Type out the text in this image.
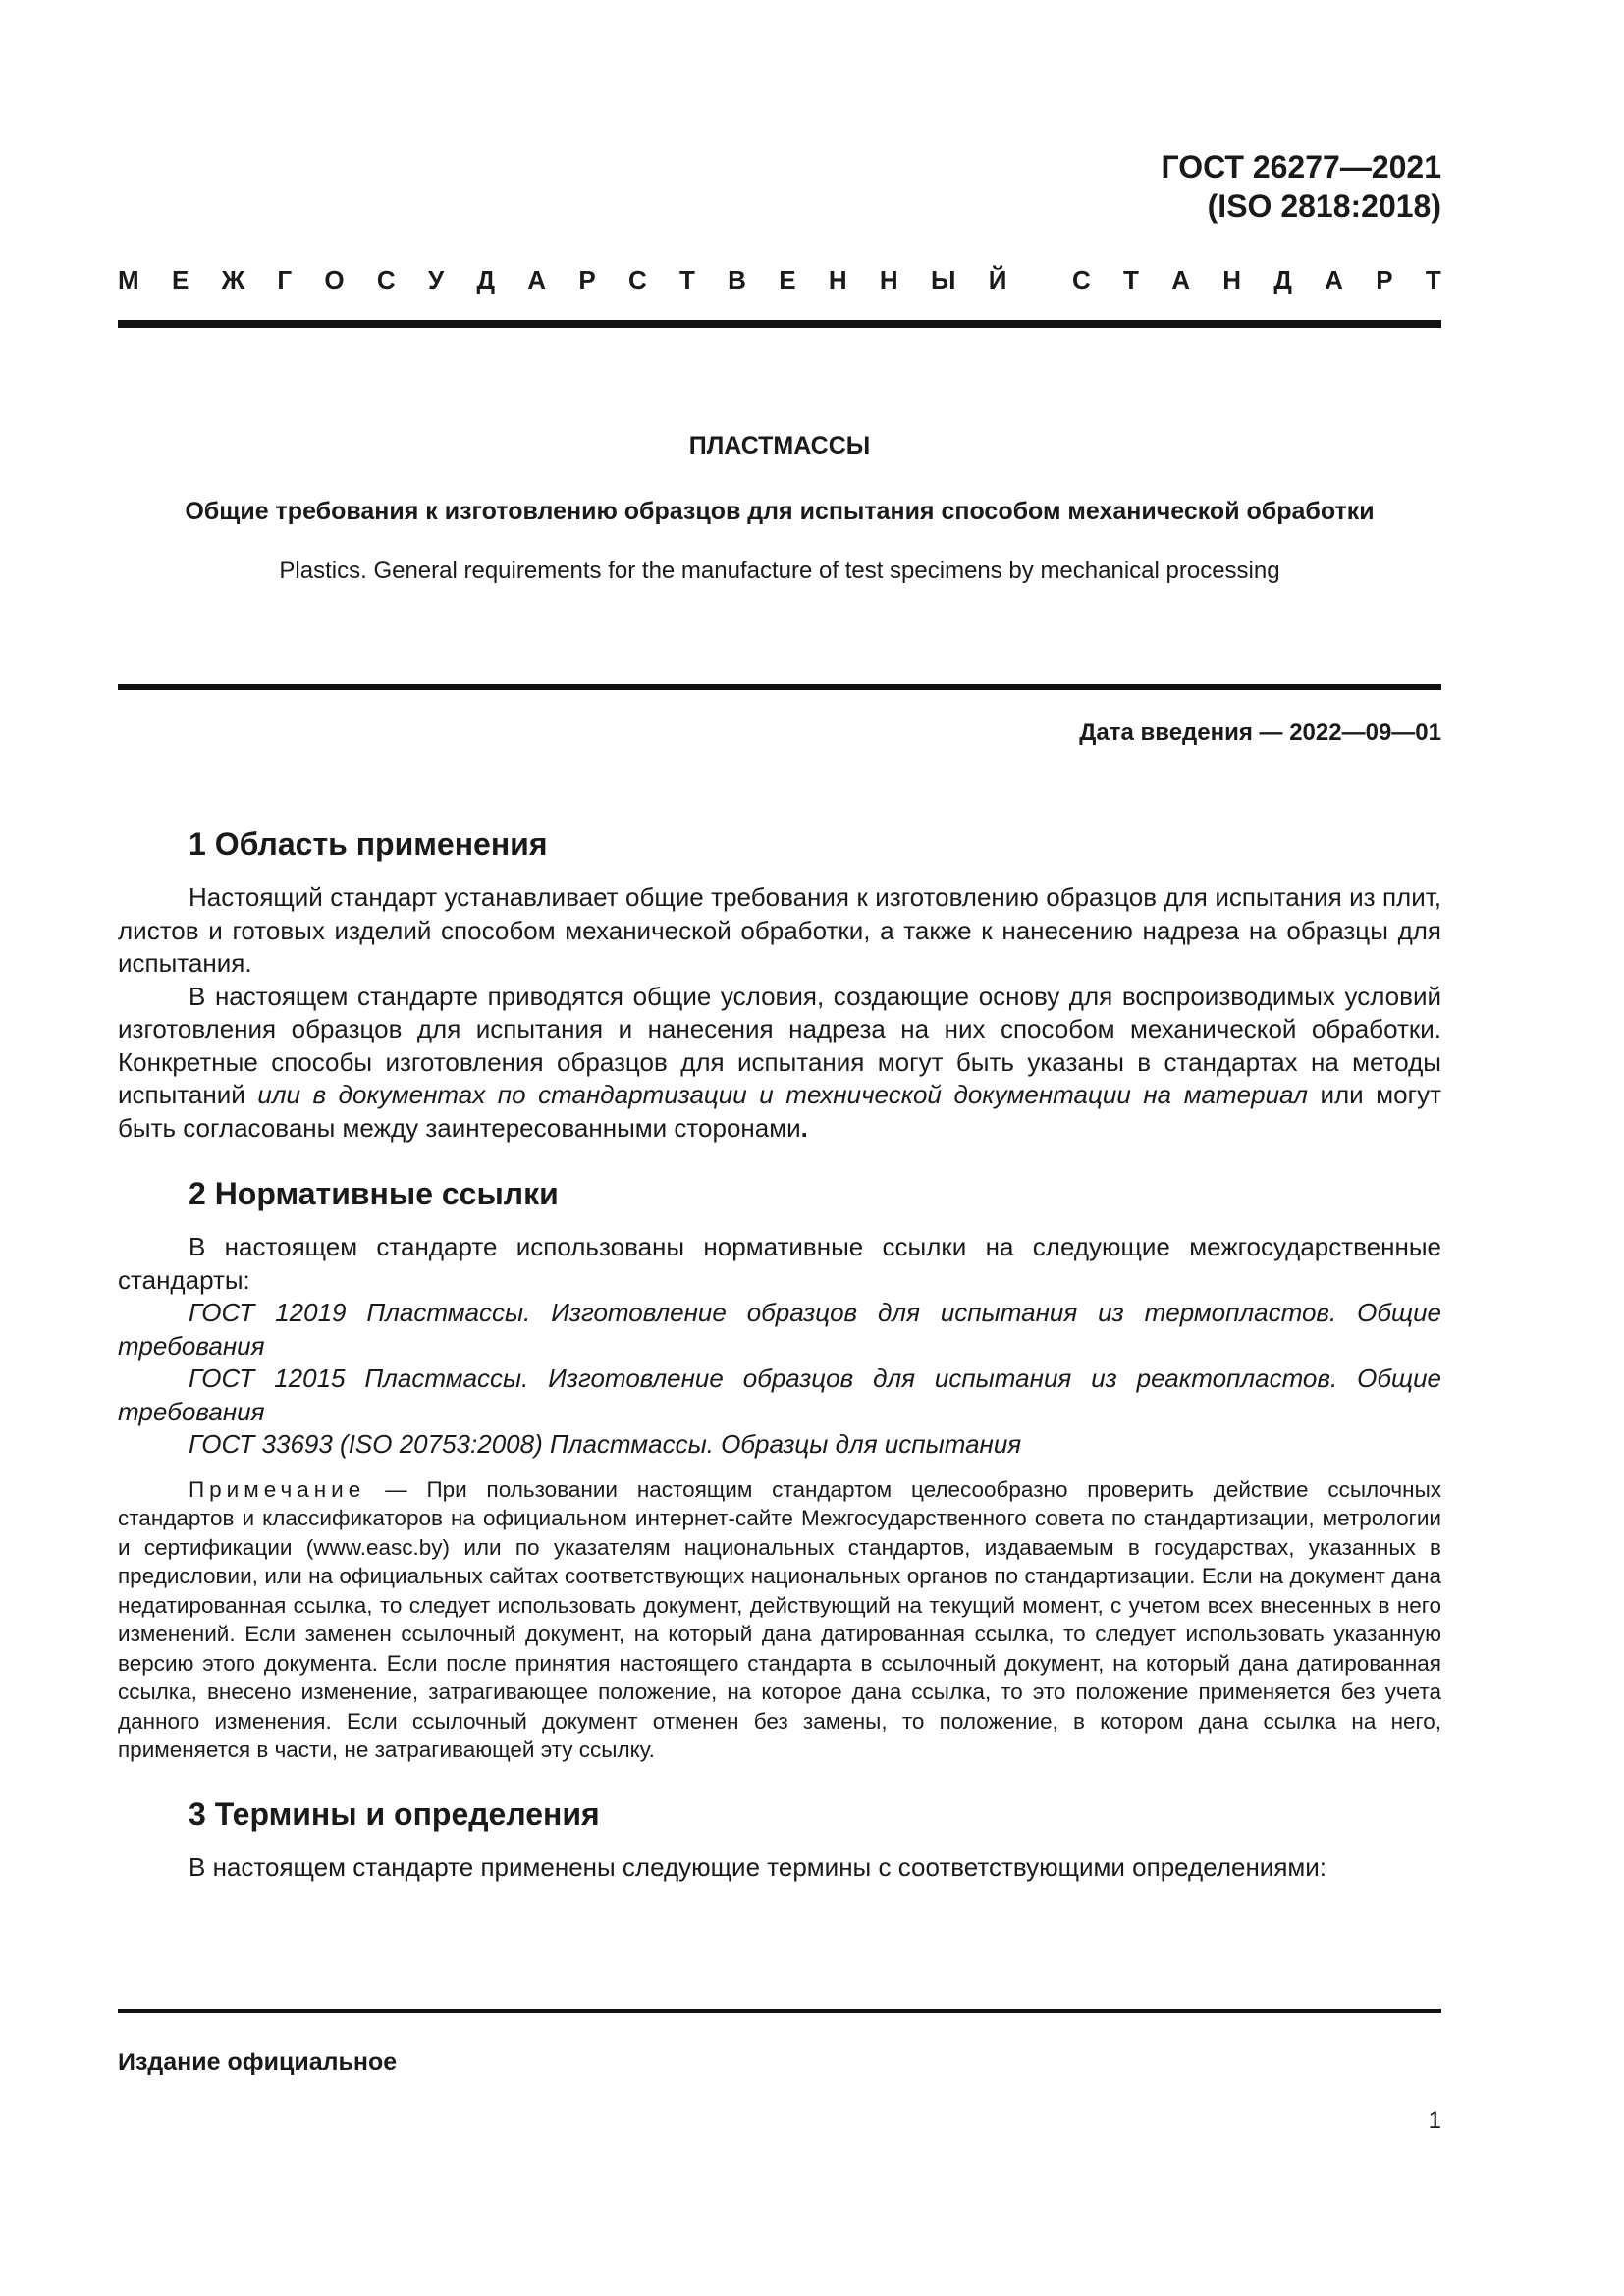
ГОСТ 26277—2021
(ISO 2818:2018)
М Е Ж Г О С У Д А Р С Т В Е Н Н Ы Й	С Т А Н Д А Р Т
ПЛАСТМАССЫ
Общие требования к изготовлению образцов для испытания способом механической обработки
Plastics. General requirements for the manufacture of test specimens by mechanical processing
Дата введения — 2022—09—01
1 Область применения

Настоящий стандарт устанавливает общие требования к изготовлению образцов для испытания из плит, листов и готовых изделий способом механической обработки, а также к нанесению надреза на образцы для испытания.

В настоящем стандарте приводятся общие условия, создающие основу для воспроизводимых условий изготовления образцов для испытания и нанесения надреза на них способом механической обработки. Конкретные способы изготовления образцов для испытания могут быть указаны в стандартах на методы испытаний или в документах по стандартизации и технической документации на материал или могут быть согласованы между заинтересованными сторонами.

2 Нормативные ссылки

В настоящем стандарте использованы нормативные ссылки на следующие межгосударственные стандарты:

ГОСТ 12019 Пластмассы. Изготовление образцов для испытания из термопластов. Общие требования

ГОСТ 12015 Пластмассы. Изготовление образцов для испытания из реактопластов. Общие требования

ГОСТ 33693 (ISO 20753:2008) Пластмассы. Образцы для испытания

Примечание — При пользовании настоящим стандартом целесообразно проверить действие ссылочных стандартов и классификаторов на официальном интернет-сайте Межгосударственного совета по стандартизации, метрологии и сертификации (www.easc.by) или по указателям национальных стандартов, издаваемым в государствах, указанных в предисловии, или на официальных сайтах соответствующих национальных органов по стандартизации. Если на документ дана недатированная ссылка, то следует использовать документ, действующий на текущий момент, с учетом всех внесенных в него изменений. Если заменен ссылочный документ, на который дана датированная ссылка, то следует использовать указанную версию этого документа. Если после принятия настоящего стандарта в ссылочный документ, на который дана датированная ссылка, внесено изменение, затрагивающее положение, на которое дана ссылка, то это положение применяется без учета данного изменения. Если ссылочный документ отменен без замены, то положение, в котором дана ссылка на него, применяется в части, не затрагивающей эту ссылку.

3 Термины и определения

В настоящем стандарте применены следующие термины с соответствующими определениями:

Издание официальное
1
